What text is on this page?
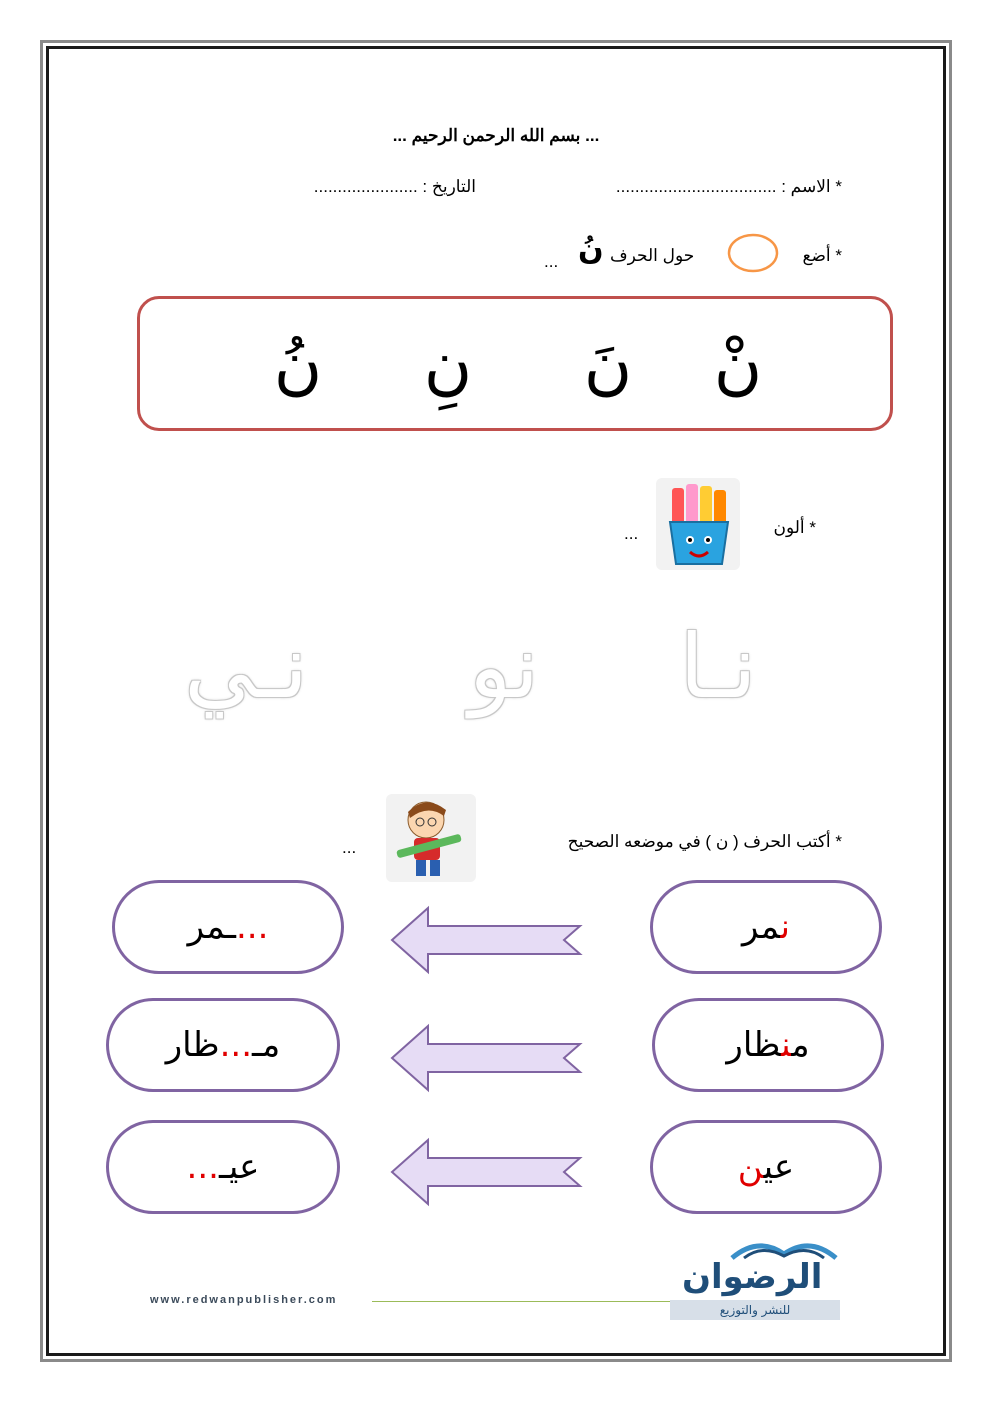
... بسم الله الرحمن الرحيم ...
* الاسم : ..................................
التاريخ : ......................
* أضع
حول الحرف
نُ
...
نْ
نَ
نِ
نُ
* ألون
...
نـا
نو
نـي
* أكتب الحرف ( ن ) في موضعه الصحيح
...
نمر
...ـمر
منظار
مـ...ظار
عين
عيـ...
www.redwanpublisher.com
الرضوان
للنشر والتوزيع
